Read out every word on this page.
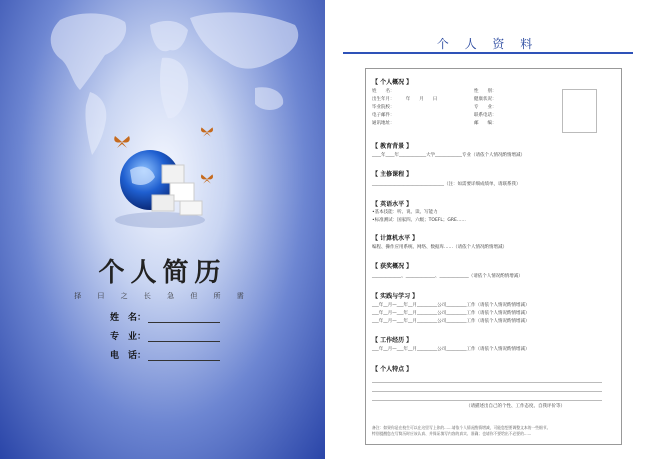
个人简历
择 曰 之 长 急 但 所 需
姓　名：
专　业：
电　话：
个 人 资 料
【 个人概况 】
姓　　名：	性　　别：
出生年月：　　　年　　月　　日	健康状况：
毕业院校：	专　　业：
电子邮件：	联系电话：
通讯地址：	邮　　编：
【 教育背景 】
____年____年____________大学____________专业（请依个人情况酌情增减）
【 主修课程 】
________________________________（注：如需要详细成绩单，请联系我）
【 英语水平 】
•基本技能：听、说、读、写能力
•标准测试：国家四、六级；TOEFL；GRE……
【 计算机水平 】
编程、操作应用系统、网络、数据库……（请依个人情况酌情增减）
【 获奖概况 】
_____________、_____________、_____________（请依个人情况酌情增减）
【 实践与学习 】
___年__月—___年__月_________公司_________工作（请依个人情况酌情增减）
___年__月—___年__月_________公司_________工作（请依个人情况酌情增减）
___年__月—___年__月_________公司_________工作（请依个人情况酌情增减）
【 工作经历 】
___年__月—___年__月_________公司_________工作（请依个人情况酌情增减）
【 个人特点 】
（请描述出自己的个性、工作态度、自我评价等）
备注：如果你是在校生可以在这里写上你的……请依个人情况酌情增减，可能您想要调整文本的一些细节。
特别提醒您在写简历时应该认真、并保证填写内容的真实、准确；也请你不要给出不必要的……
